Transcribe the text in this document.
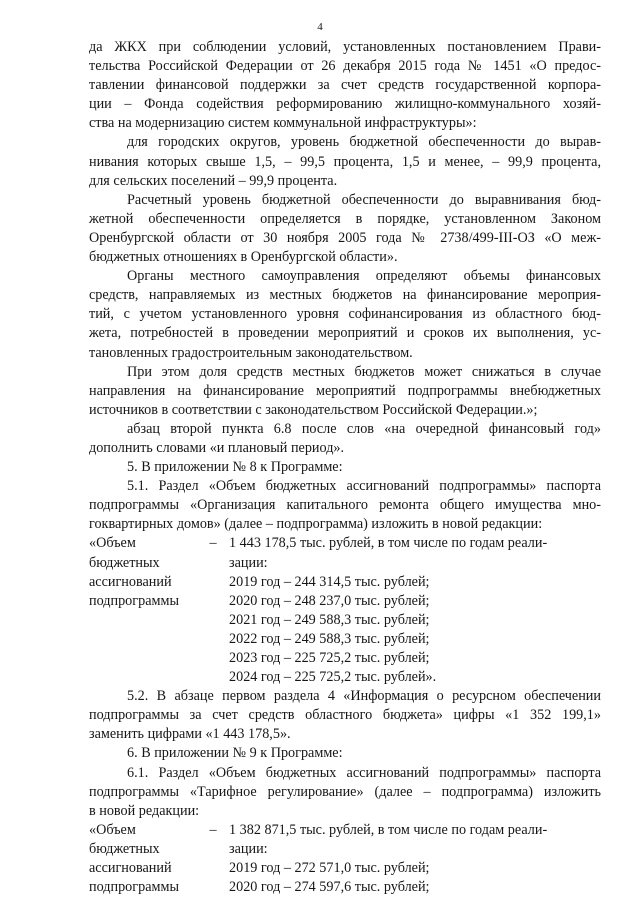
4
да ЖКХ при соблюдении условий, установленных постановлением Прави-
тельства Российской Федерации от 26 декабря 2015 года № 1451 «О предос-
тавлении финансовой поддержки за счет средств государственной корпора-
ции – Фонда содействия реформированию жилищно-коммунального хозяй-
ства на модернизацию систем коммунальной инфраструктуры»:
для городских округов, уровень бюджетной обеспеченности до вырав-
нивания которых свыше 1,5, – 99,5 процента, 1,5 и менее, – 99,9 процента,
для сельских поселений – 99,9 процента.
Расчетный уровень бюджетной обеспеченности до выравнивания бюд-
жетной обеспеченности определяется в порядке, установленном Законом
Оренбургской области от 30 ноября 2005 года № 2738/499-III-ОЗ «О меж-
бюджетных отношениях в Оренбургской области».
Органы местного самоуправления определяют объемы финансовых
средств, направляемых из местных бюджетов на финансирование мероприя-
тий, с учетом установленного уровня софинансирования из областного бюд-
жета, потребностей в проведении мероприятий и сроков их выполнения, ус-
тановленных градостроительным законодательством.
При этом доля средств местных бюджетов может снижаться в случае
направления на финансирование мероприятий подпрограммы внебюджетных
источников в соответствии с законодательством Российской Федерации.»;
абзац второй пункта 6.8 после слов «на очередной финансовый год»
дополнить словами «и плановый период».
5. В приложении № 8 к Программе:
5.1. Раздел «Объем бюджетных ассигнований подпрограммы» паспорта
подпрограммы «Организация капитального ремонта общего имущества мно-
гоквартирных домов» (далее – подпрограмма) изложить в новой редакции:
«Объем
бюджетных
ассигнований
подпрограммы
– 1 443 178,5 тыс. рублей, в том числе по годам реали-
зации:
2019 год – 244 314,5 тыс. рублей;
2020 год – 248 237,0 тыс. рублей;
2021 год – 249 588,3 тыс. рублей;
2022 год – 249 588,3 тыс. рублей;
2023 год – 225 725,2 тыс. рублей;
2024 год – 225 725,2 тыс. рублей».
5.2. В абзаце первом раздела 4 «Информация о ресурсном обеспечении
подпрограммы за счет средств областного бюджета» цифры «1 352 199,1»
заменить цифрами «1 443 178,5».
6. В приложении № 9 к Программе:
6.1. Раздел «Объем бюджетных ассигнований подпрограммы» паспорта
подпрограммы «Тарифное регулирование» (далее – подпрограмма) изложить
в новой редакции:
«Объем
бюджетных
ассигнований
подпрограммы
– 1 382 871,5 тыс. рублей, в том числе по годам реали-
зации:
2019 год – 272 571,0 тыс. рублей;
2020 год – 274 597,6 тыс. рублей;
